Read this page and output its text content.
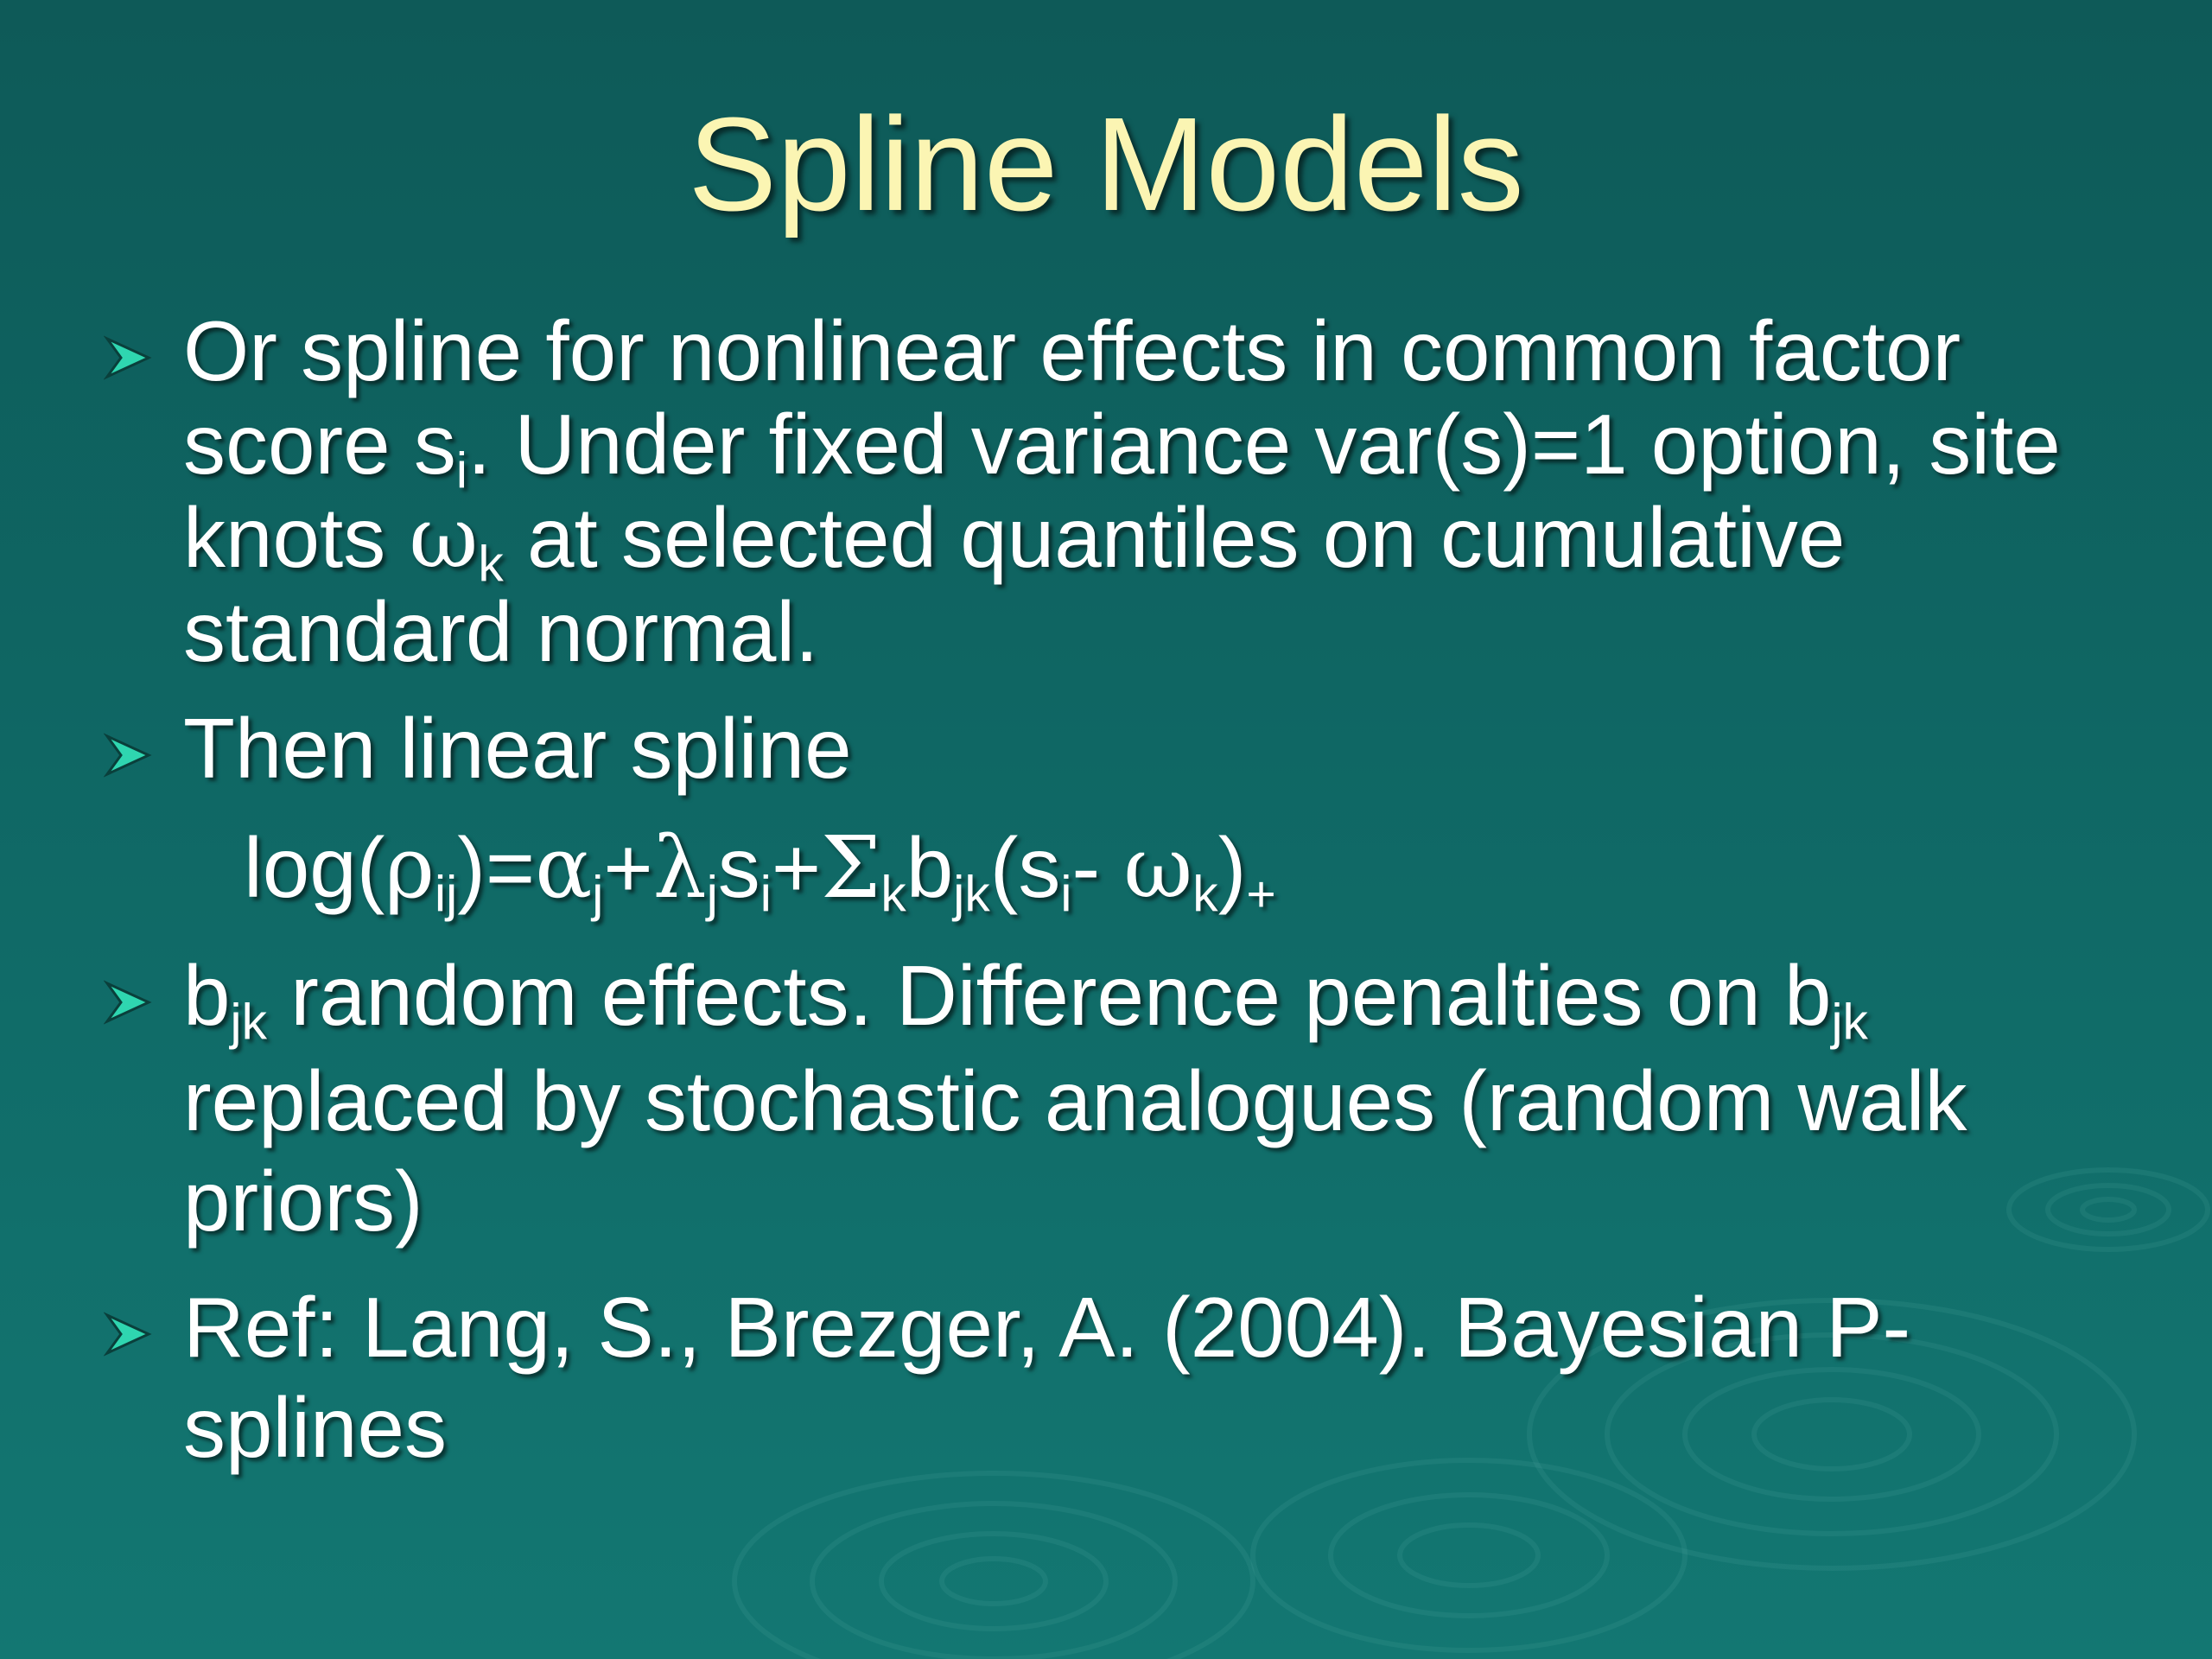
Spline Models
Or spline for nonlinear effects in common factor
score $s_i$. Under fixed variance var(s)=1 option, site
knots $\omega_k$ at selected quantiles on cumulative
standard normal.
Then linear spline
$\log(\rho_{ij})=\alpha_j+\lambda_js_i+\Sigma_kb_{jk}(s_i-$ $\omega_k)_+$
$b_{jk}$ random effects. Difference penalties on $b_{jk}$
replaced by stochastic analogues (random walk
priors)
Ref: Lang, S., Brezger, A. (2004). Bayesian P-
splines
